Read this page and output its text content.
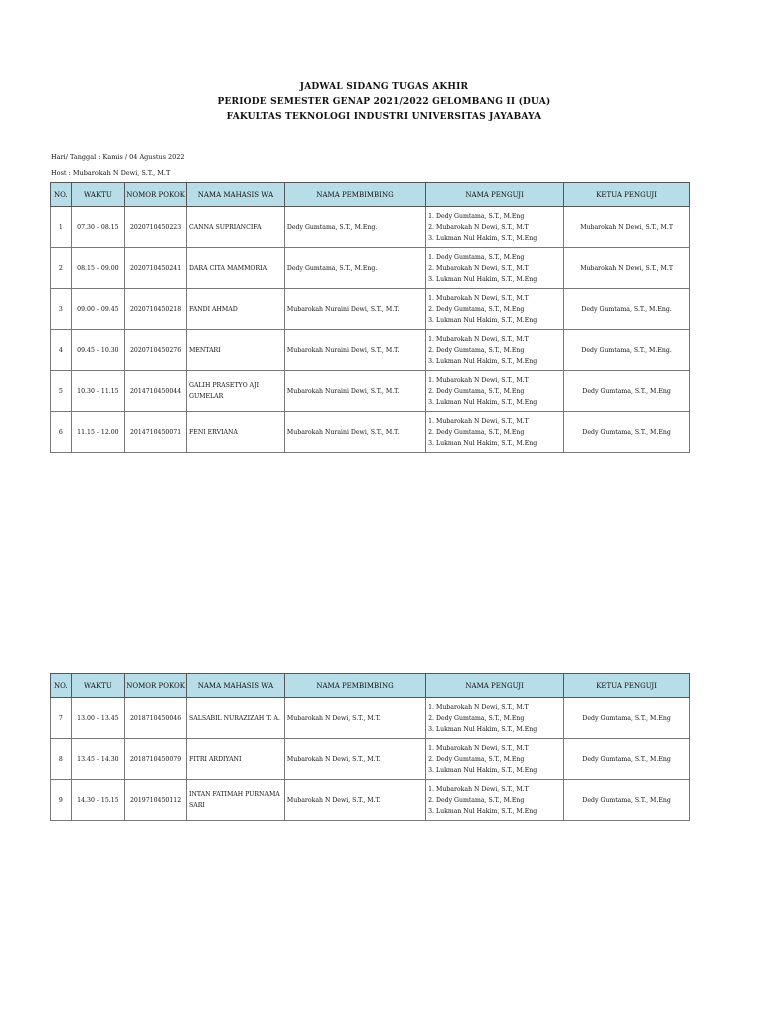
JADWAL SIDANG TUGAS AKHIR
PERIODE SEMESTER GENAP 2021/2022 GELOMBANG II (DUA)
FAKULTAS TEKNOLOGI INDUSTRI UNIVERSITAS JAYABAYA
Hari/ Tanggal : Kamis / 04 Agustus 2022
Host : Mubarokah N Dewi, S.T., M.T
NO.	WAKTU	NOMOR POKOK	NAMA MAHASIS WA	NAMA PEMBIMBING	NAMA PENGUJI	KETUA PENGUJI
1	07.30 - 08.15	2020710450223	CANNA SUPRIANCIFA	Dedy Gumtama, S.T., M.Eng.	1. Dedy Gumtama, S.T., M.Eng
2. Mubarokah N Dewi, S.T., M.T
3. Lukman Nul Hakim, S.T., M.Eng	Mubarokah N Dewi, S.T., M.T
2	08.15 - 09.00	2020710450241	DARA CITA MAMMORIA	Dedy Gumtama, S.T., M.Eng.	1. Dedy Gumtama, S.T., M.Eng
2. Mubarokah N Dewi, S.T., M.T
3. Lukman Nul Hakim, S.T., M.Eng	Mubarokah N Dewi, S.T., M.T
3	09.00 - 09.45	2020710450218	FANDI AHMAD	Mubarokah Nuraini Dewi, S.T., M.T.	1. Mubarokah N Dewi, S.T., M.T
2. Dedy Gumtama, S.T., M.Eng
3. Lukman Nul Hakim, S.T., M.Eng	Dedy Gumtama, S.T., M.Eng.
4	09.45 - 10.30	2020710450276	MENTARI	Mubarokah Nuraini Dewi, S.T., M.T.	1. Mubarokah N Dewi, S.T., M.T
2. Dedy Gumtama, S.T., M.Eng
3. Lukman Nul Hakim, S.T., M.Eng	Dedy Gumtama, S.T., M.Eng.
5	10.30 - 11.15	2014710450044	GALIH PRASETYO AJI GUMELAR	Mubarokah Nuraini Dewi, S.T., M.T.	1. Mubarokah N Dewi, S.T., M.T
2. Dedy Gumtama, S.T., M.Eng
3. Lukman Nul Hakim, S.T., M.Eng	Dedy Gumtama, S.T., M.Eng
6	11.15 - 12.00	2014710450071	FENI ERVIANA	Mubarokah Nuraini Dewi, S.T., M.T.	1. Mubarokah N Dewi, S.T., M.T
2. Dedy Gumtama, S.T., M.Eng
3. Lukman Nul Hakim, S.T., M.Eng	Dedy Gumtama, S.T., M.Eng
NO.	WAKTU	NOMOR POKOK	NAMA MAHASIS WA	NAMA PEMBIMBING	NAMA PENGUJI	KETUA PENGUJI
7	13.00 - 13.45	2018710450046	SALSABIL NURAZIZAH T. A.	Mubarokah N Dewi, S.T., M.T.	1. Mubarokah N Dewi, S.T., M.T
2. Dedy Gumtama, S.T., M.Eng
3. Lukman Nul Hakim, S.T., M.Eng	Dedy Gumtama, S.T., M.Eng
8	13.45 - 14.30	2018710450079	FITRI ARDIYANI	Mubarokah N Dewi, S.T., M.T.	1. Mubarokah N Dewi, S.T., M.T
2. Dedy Gumtama, S.T., M.Eng
3. Lukman Nul Hakim, S.T., M.Eng	Dedy Gumtama, S.T., M.Eng
9	14.30 - 15.15	2019710450112	INTAN FATIMAH PURNAMA SARI	Mubarokah N Dewi, S.T., M.T.	1. Mubarokah N Dewi, S.T., M.T
2. Dedy Gumtama, S.T., M.Eng
3. Lukman Nul Hakim, S.T., M.Eng	Dedy Gumtama, S.T., M.Eng
